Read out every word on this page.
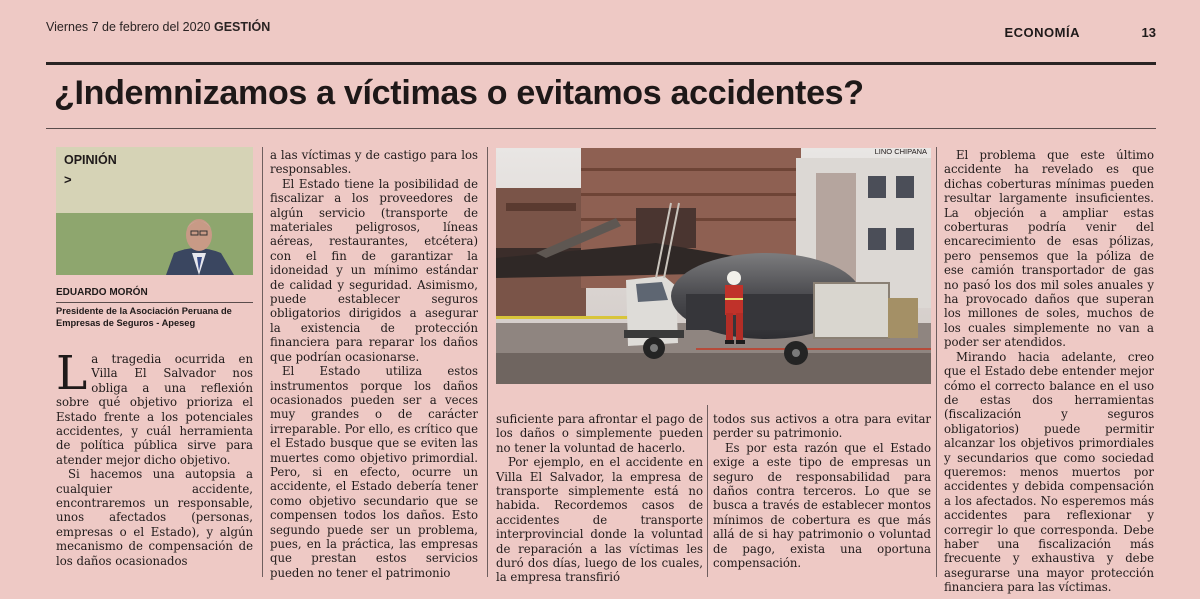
Viernes 7 de febrero del 2020 GESTIÓN	ECONOMÍA	13
¿Indemnizamos a víctimas o evitamos accidentes?
OPINIÓN
>
EDUARDO MORÓN
Presidente de la Asociación Peruana de Empresas de Seguros - Apeseg

La tragedia ocurrida en Villa El Salvador nos obliga a una reflexión sobre qué objetivo prioriza el Estado frente a los potenciales accidentes, y cuál herramienta de política pública sirve para atender mejor dicho objetivo.

Si hacemos una autopsia a cualquier accidente, encontraremos un responsable, unos afectados (personas, empresas o el Estado), y algún mecanismo de compensación de los daños ocasionados

a las víctimas y de castigo para los responsables.

El Estado tiene la posibilidad de fiscalizar a los proveedores de algún servicio (transporte de materiales peligrosos, líneas aéreas, restaurantes, etcétera) con el fin de garantizar la idoneidad y un mínimo estándar de calidad y seguridad. Asimismo, puede establecer seguros obligatorios dirigidos a asegurar la existencia de protección financiera para reparar los daños que podrían ocasionarse.

El Estado utiliza estos instrumentos porque los daños ocasionados pueden ser a veces muy grandes o de carácter irreparable. Por ello, es crítico que el Estado busque que se eviten las muertes como objetivo primordial. Pero, si en efecto, ocurre un accidente, el Estado debería tener como objetivo secundario que se compensen todos los daños. Esto segundo puede ser un problema, pues, en la práctica, las empresas que prestan estos servicios pueden no tener el patrimonio

LINO CHIPANA

suficiente para afrontar el pago de los daños o simplemente pueden no tener la voluntad de hacerlo.

Por ejemplo, en el accidente en Villa El Salvador, la empresa de transporte simplemente está no habida. Recordemos casos de accidentes de transporte interprovincial donde la voluntad de reparación a las víctimas les duró dos días, luego de los cuales, la empresa transfirió

todos sus activos a otra para evitar perder su patrimonio.

Es por esta razón que el Estado exige a este tipo de empresas un seguro de responsabilidad para daños contra terceros. Lo que se busca a través de establecer montos mínimos de cobertura es que más allá de si hay patrimonio o voluntad de pago, exista una oportuna compensación.

El problema que este último accidente ha revelado es que dichas coberturas mínimas pueden resultar largamente insuficientes. La objeción a ampliar estas coberturas podría venir del encarecimiento de esas pólizas, pero pensemos que la póliza de ese camión transportador de gas no pasó los dos mil soles anuales y ha provocado daños que superan los millones de soles, muchos de los cuales simplemente no van a poder ser atendidos.

Mirando hacia adelante, creo que el Estado debe entender mejor cómo el correcto balance en el uso de estas dos herramientas (fiscalización y seguros obligatorios) puede permitir alcanzar los objetivos primordiales y secundarios que como sociedad queremos: menos muertos por accidentes y debida compensación a los afectados. No esperemos más accidentes para reflexionar y corregir lo que corresponda. Debe haber una fiscalización más frecuente y exhaustiva y debe asegurarse una mayor protección financiera para las víctimas.
